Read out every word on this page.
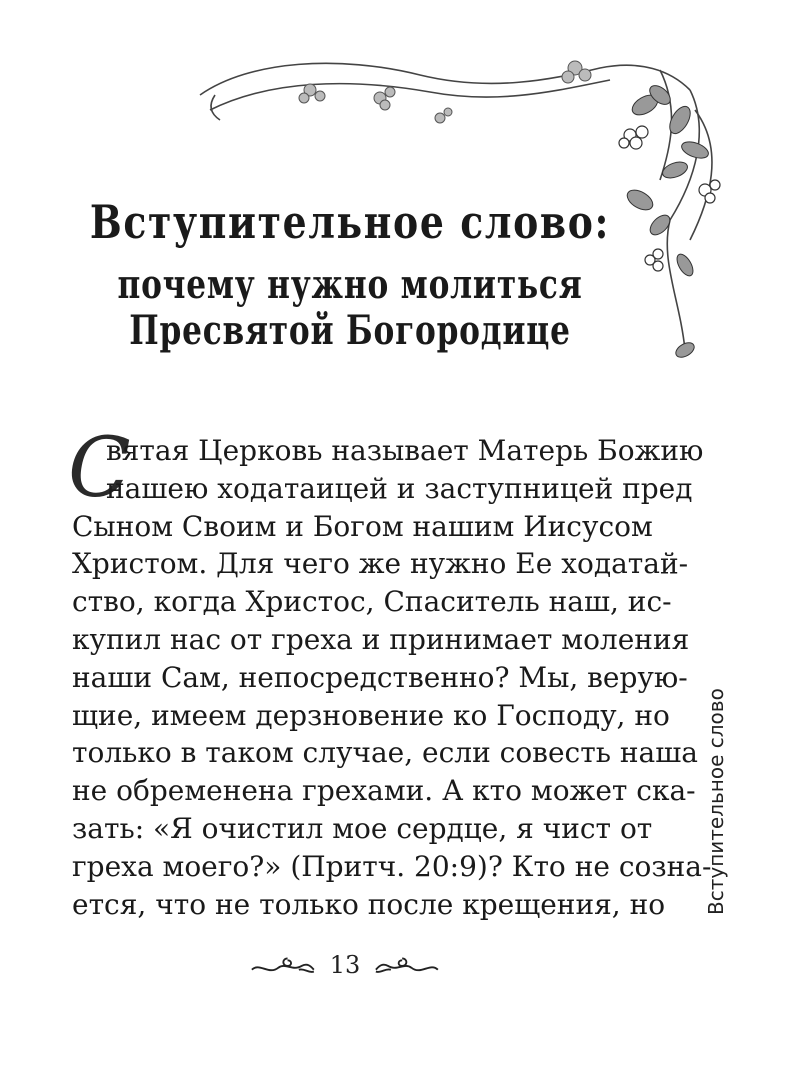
Вступительное слово:
почему нужно молиться
Пресвятой Богородице
С
вятая Церковь называет Матерь Божию
нашею ходатаицей и заступницей пред
Сыном Своим и Богом нашим Иисусом
Христом. Для чего же нужно Ее ходатай-
ство, когда Христос, Спаситель наш, ис-
купил нас от греха и принимает моления
наши Сам, непосредственно? Мы, верую-
щие, имеем дерзновение ко Господу, но
только в таком случае, если совесть наша
не обременена грехами. А кто может ска-
зать: «Я очистил мое сердце, я чист от
греха моего?» (Притч. 20:9)? Кто не созна-
ется, что не только после крещения, но Вступительное слово
13
